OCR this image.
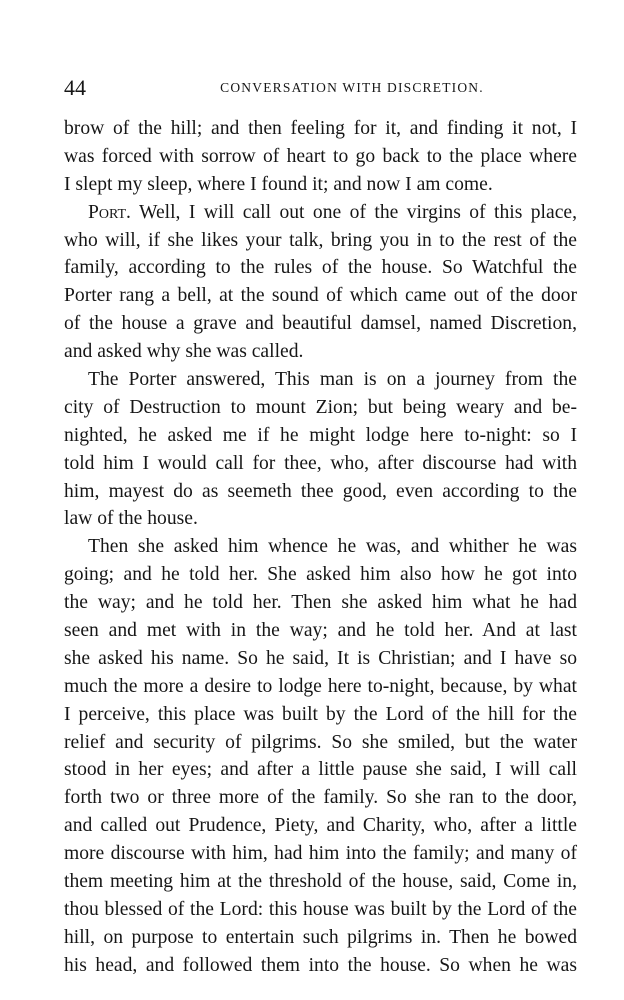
44	CONVERSATION WITH DISCRETION.
brow of the hill; and then feeling for it, and finding it not, I
was forced with sorrow of heart to go back to the place where
I slept my sleep, where I found it; and now I am come.
Port. Well, I will call out one of the virgins of this place,
who will, if she likes your talk, bring you in to the rest of the
family, according to the rules of the house. So Watchful the
Porter rang a bell, at the sound of which came out of the door
of the house a grave and beautiful damsel, named Discretion,
and asked why she was called.
The Porter answered, This man is on a journey from the
city of Destruction to mount Zion; but being weary and be-
nighted, he asked me if he might lodge here to-night: so I
told him I would call for thee, who, after discourse had with
him, mayest do as seemeth thee good, even according to the
law of the house.
Then she asked him whence he was, and whither he was
going; and he told her. She asked him also how he got into
the way; and he told her. Then she asked him what he had
seen and met with in the way; and he told her. And at last
she asked his name. So he said, It is Christian; and I have so
much the more a desire to lodge here to-night, because, by what
I perceive, this place was built by the Lord of the hill for the
relief and security of pilgrims. So she smiled, but the water
stood in her eyes; and after a little pause she said, I will call
forth two or three more of the family. So she ran to the door,
and called out Prudence, Piety, and Charity, who, after a little
more discourse with him, had him into the family; and many of
them meeting him at the threshold of the house, said, Come in,
thou blessed of the Lord: this house was built by the Lord of the
hill, on purpose to entertain such pilgrims in. Then he bowed
his head, and followed them into the house. So when he was
